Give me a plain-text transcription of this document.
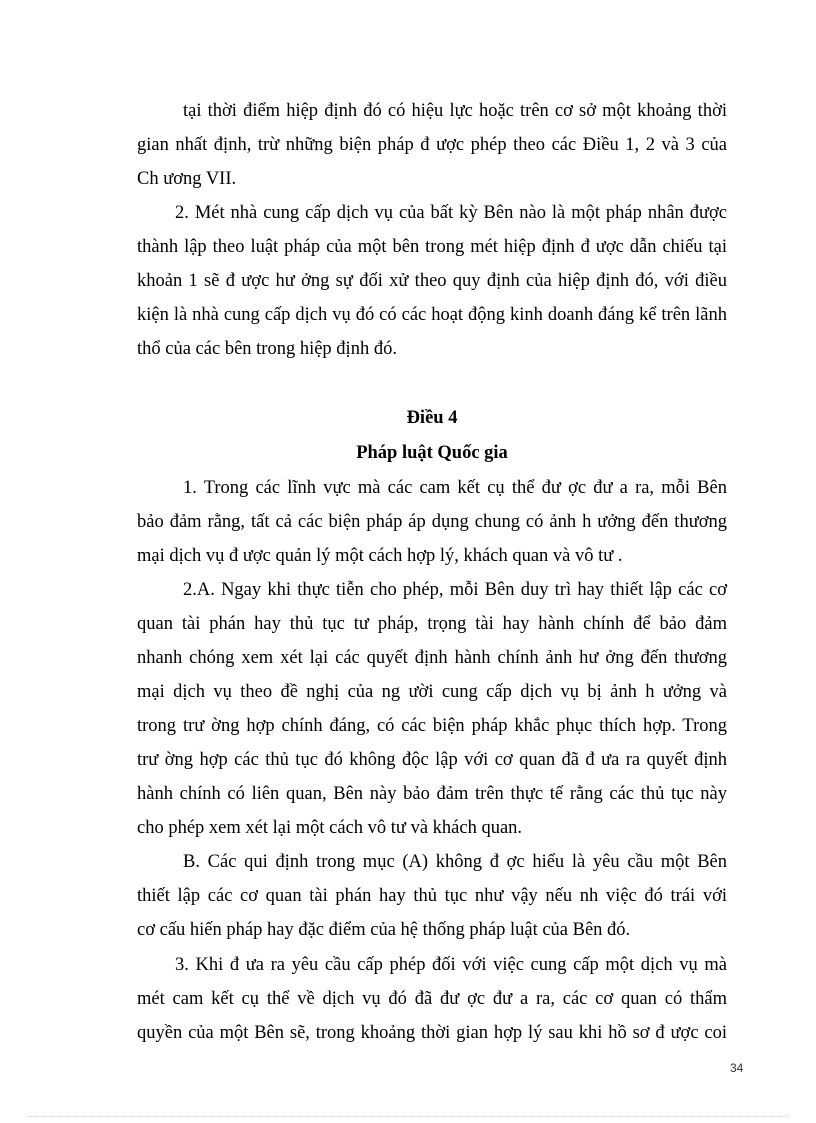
tại thời điểm hiệp định đó có hiệu lực hoặc trên cơ sở một khoảng thời
gian nhất định, trừ những biện pháp đ ược phép theo các Điều 1, 2 và 3 của
Ch ương VII.
2. Mét nhà cung cấp dịch vụ của bất kỳ Bên nào là một pháp nhân được
thành lập theo luật pháp của một bên trong mét hiệp định đ ược dẫn chiếu tại
khoản 1 sẽ đ ược hư ởng sự đối xử theo quy định của hiệp định đó, với điều
kiện là nhà cung cấp dịch vụ đó có các hoạt động kinh doanh đáng kể trên lãnh
thổ của các bên trong hiệp định đó.
Điều 4
Pháp luật Quốc gia
1. Trong các lĩnh vực mà các cam kết cụ thể đư ợc đư a ra, mỗi Bên
bảo đảm rằng, tất cả các biện pháp áp dụng chung có ảnh h ưởng đến thương
mại dịch vụ đ ược quản lý một cách hợp lý, khách quan và vô tư .
2.A. Ngay khi thực tiễn cho phép, mỗi Bên duy trì hay thiết lập các cơ
quan tài phán hay thủ tục tư pháp, trọng tài hay hành chính để bảo đảm
nhanh chóng xem xét lại các quyết định hành chính ảnh hư ởng đến thương
mại dịch vụ theo đề nghị của ng ười cung cấp dịch vụ bị ảnh h ưởng và
trong trư ờng hợp chính đáng, có các biện pháp khắc phục thích hợp. Trong
trư ờng hợp các thủ tục đó không độc lập với cơ quan đã đ ưa ra quyết định
hành chính có liên quan, Bên này bảo đảm trên thực tế rằng các thủ tục này
cho phép xem xét lại một cách vô tư và khách quan.
B. Các qui định trong mục (A) không đ ợc hiểu là yêu cầu một Bên
thiết lập các cơ quan tài phán hay thủ tục như vậy nếu nh việc đó trái với
cơ cấu hiến pháp hay đặc điểm của hệ thống pháp luật của Bên đó.
3. Khi đ ưa ra yêu cầu cấp phép đối với việc cung cấp một dịch vụ mà
mét cam kết cụ thể về dịch vụ đó đã đư ợc đư a ra, các cơ quan có thẩm
quyền của một Bên sẽ, trong khoảng thời gian hợp lý sau khi hồ sơ đ ược coi
34
